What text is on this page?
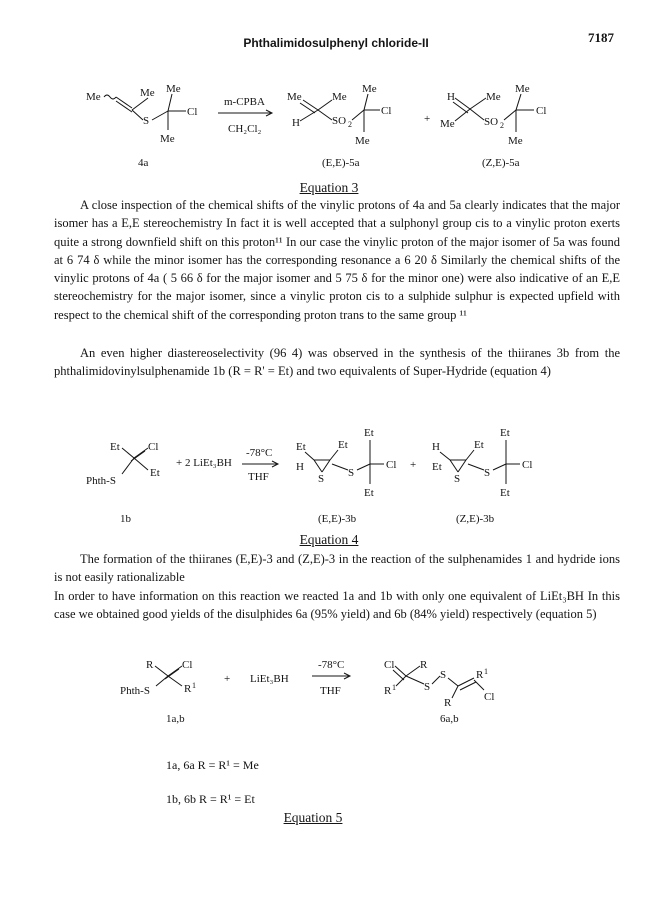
Phthalimidosulphenyl chloride-II	7187
Me	Me
S
Me
Cl
Me
m-CPBA
CH₂Cl₂
Me	Me
H	SO 2
Me
Cl
Me
+
H	Me
Me	SO 2
Me
Cl
Me
4a	(E,E)-5a	(Z,E)-5a
Equation 3
A close inspection of the chemical shifts of the vinylic protons of 4a and 5a clearly indicates that the major isomer has a E,E stereochemistry In fact it is well accepted that a sulphonyl group cis to a vinylic proton exerts quite a strong downfield shift on this proton¹¹ In our case the vinylic proton of the major isomer of 5a was found at 6 74 δ while the minor isomer has the corresponding resonance a 6 20 δ Similarly the chemical shifts of the vinylic protons of 4a ( 5 66 δ for the major isomer and 5 75 δ for the minor one) were also indicative of an E,E stereochemistry for the major isomer, since a vinylic proton cis to a sulphide sulphur is expected upfield with respect to the chemical shift of the corresponding proton trans to the same group ¹¹
An even higher diastereoselectivity (96 4) was observed in the synthesis of the thiiranes 3b from the phthalimidovinylsulphenamide 1b (R = R' = Et) and two equivalents of Super-Hydride (equation 4)
Et	Cl
Phth-S
Et
+ 2 LiEt₃BH
-78°C
THF
Et
H
S
Et
S
Et
Et
Cl +
H
Et
S
Et
S
Et
Et
Cl
1b	(E,E)-3b	(Z,E)-3b
Equation 4
The formation of the thiiranes (E,E)-3 and (Z,E)-3 in the reaction of the sulphenamides 1 and hydride ions is not easily rationalizable
In order to have information on this reaction we reacted 1a and 1b with only one equivalent of LiEt₃BH In this case we obtained good yields of the disulphides 6a (95% yield) and 6b (84% yield) respectively (equation 5)
R	Cl
Phth-S	R 1
+ LiEt₃BH
-78°C
THF
Cl R
R 1	S
S	R 1
R	Cl
1a,b	6a,b
1a, 6a R = R¹ = Me
1b, 6b R = R¹ = Et
Equation 5
